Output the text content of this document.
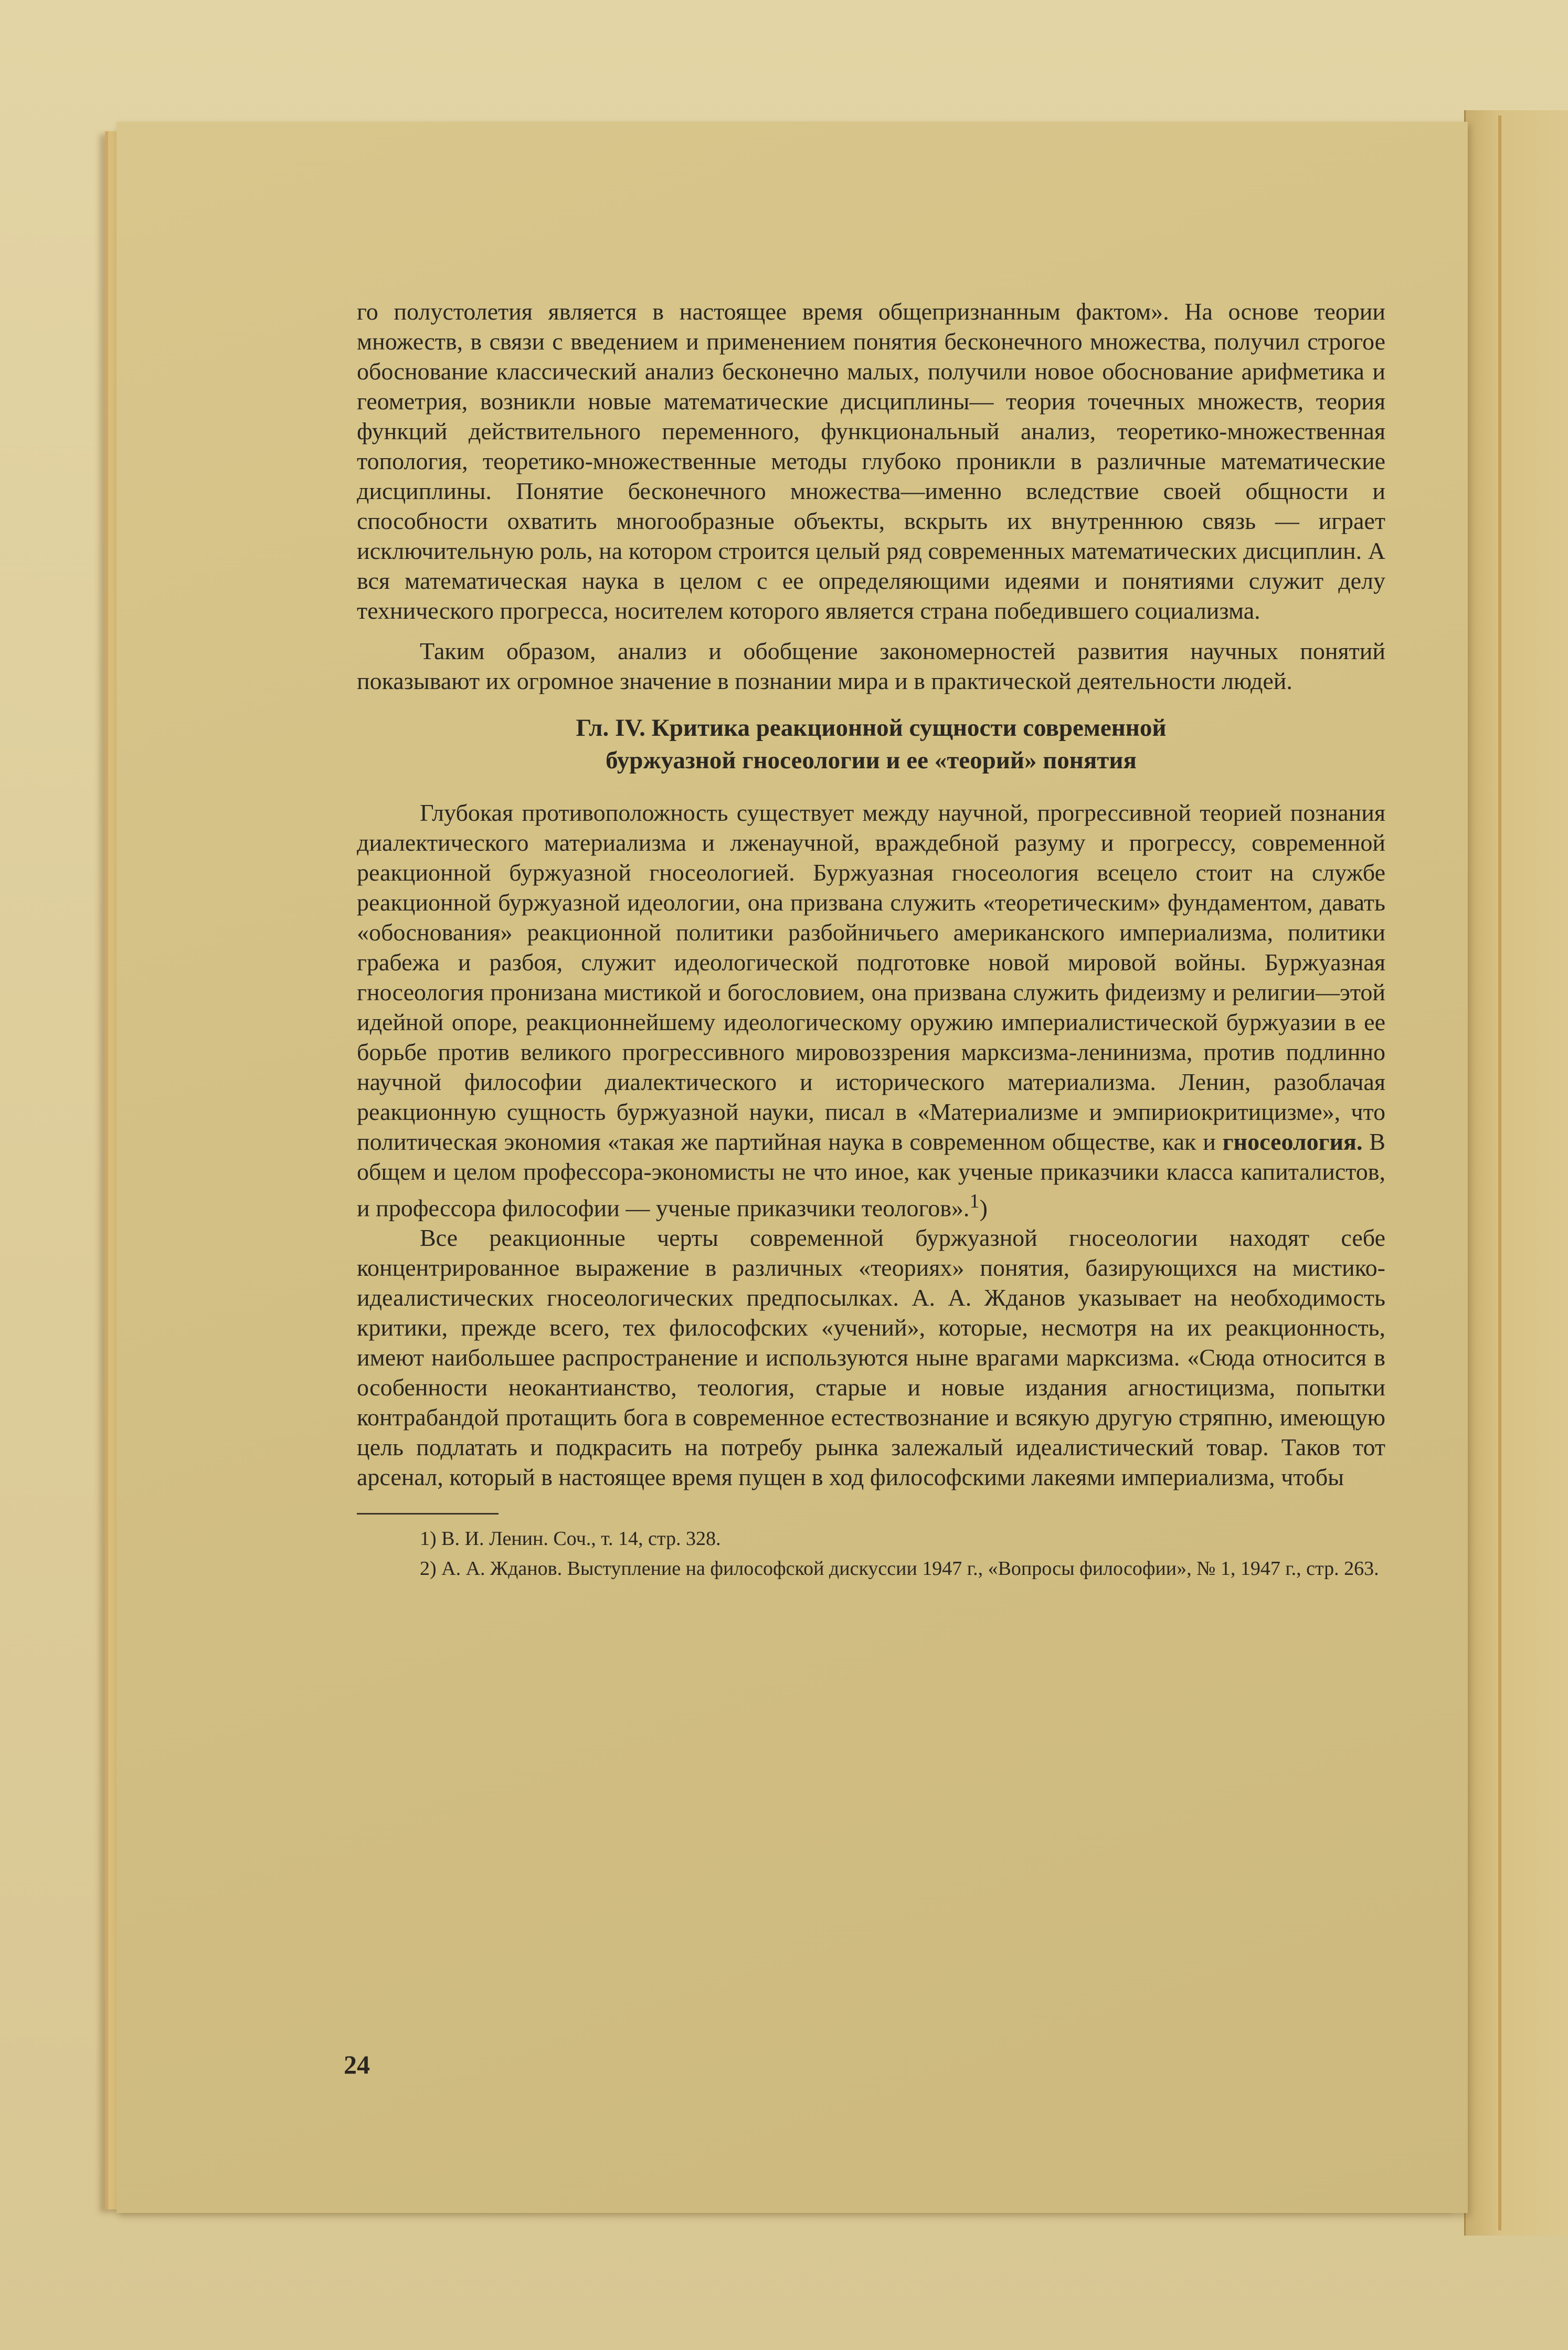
го полустолетия является в настоящее время общепризнанным фактом». На основе теории множеств, в связи с введением и применением понятия бесконечного множества, получил строгое обоснование классический анализ бесконечно малых, получили новое обоснование арифметика и геометрия, возникли новые математические дисциплины— теория точечных множеств, теория функций действительного переменного, функциональный анализ, теоретико-множественная топология, теоретико-множественные методы глубоко проникли в различные математические дисциплины. Понятие бесконечного множества—именно вследствие своей общности и способности охватить многообразные объекты, вскрыть их внутреннюю связь — играет исключительную роль, на котором строится целый ряд современных математических дисциплин. А вся математическая наука в целом с ее определяющими идеями и понятиями служит делу технического прогресса, носителем которого является страна победившего социализма.

Таким образом, анализ и обобщение закономерностей развития научных понятий показывают их огромное значение в познании мира и в практической деятельности людей.

Гл. IV. Критика реакционной сущности современной
буржуазной гносеологии и ее «теорий» понятия

Глубокая противоположность существует между научной, прогрессивной теорией познания диалектического материализма и лженаучной, враждебной разуму и прогрессу, современной реакционной буржуазной гносеологией. Буржуазная гносеология всецело стоит на службе реакционной буржуазной идеологии, она призвана служить «теоретическим» фундаментом, давать «обоснования» реакционной политики разбойничьего американского империализма, политики грабежа и разбоя, служит идеологической подготовке новой мировой войны. Буржуазная гносеология пронизана мистикой и богословием, она призвана служить фидеизму и религии—этой идейной опоре, реакционнейшему идеологическому оружию империалистической буржуазии в ее борьбе против великого прогрессивного мировоззрения марксизма-ленинизма, против подлинно научной философии диалектического и исторического материализма. Ленин, разоблачая реакционную сущность буржуазной науки, писал в «Материализме и эмпириокритицизме», что политическая экономия «такая же партийная наука в современном обществе, как и гносеология. В общем и целом профессора-экономисты не что иное, как ученые приказчики класса капиталистов, и профессора философии — ученые приказчики теологов».$^1$)

Все реакционные черты современной буржуазной гносеологии находят себе концентрированное выражение в различных «теориях» понятия, базирующихся на мистико-идеалистических гносеологических предпосылках. А. А. Жданов указывает на необходимость критики, прежде всего, тех философских «учений», которые, несмотря на их реакционность, имеют наибольшее распространение и используются ныне врагами марксизма. «Сюда относится в особенности неокантианство, теология, старые и новые издания агностицизма, попытки контрабандой протащить бога в современное естествознание и всякую другую стряпню, имеющую цель подлатать и подкрасить на потребу рынка залежалый идеалистический товар. Таков тот арсенал, который в настоящее время пущен в ход философскими лакеями империализма, чтобы

1) В. И. Ленин. Соч., т. 14, стр. 328.

2) А. А. Жданов. Выступление на философской дискуссии 1947 г., «Вопросы философии», № 1, 1947 г., стр. 263.

24
